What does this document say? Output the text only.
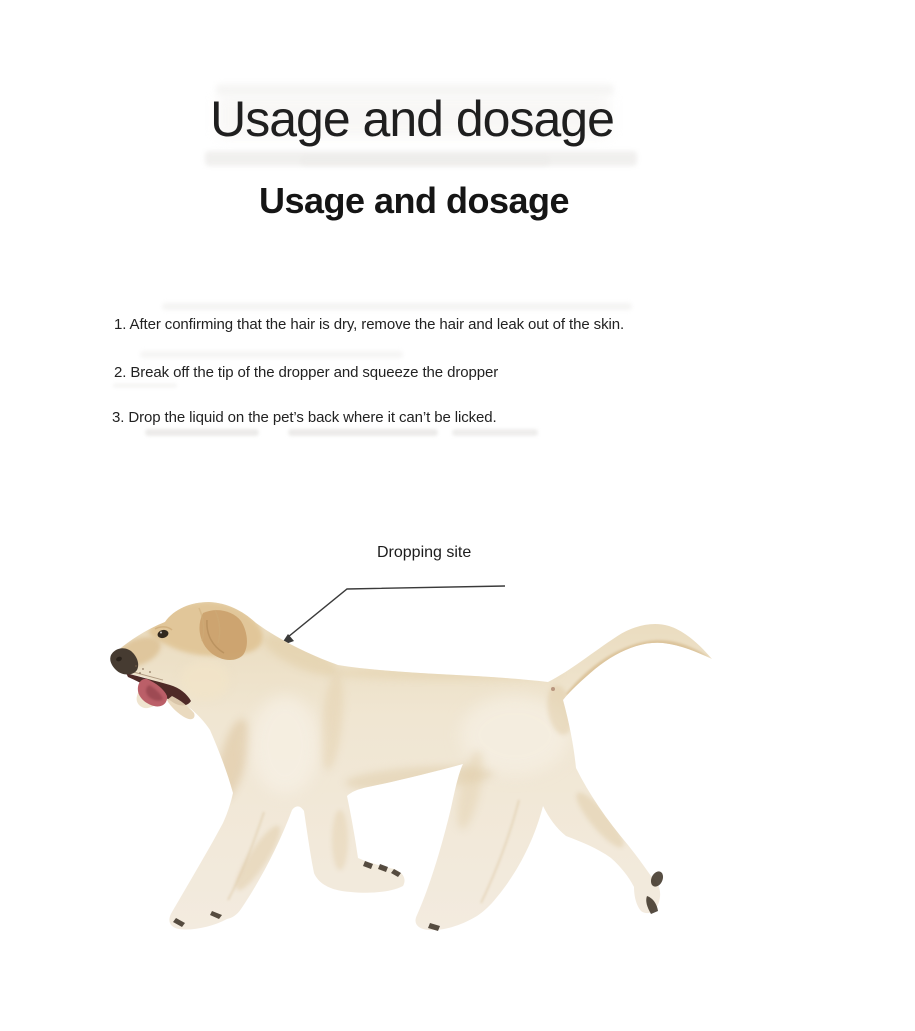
Usage and dosage
Usage and dosage
1. After confirming that the hair is dry, remove the hair and leak out of the skin.
2. Break off the tip of the dropper and squeeze the dropper
3. Drop the liquid on the pet’s back where it can’t be licked.
Dropping site
